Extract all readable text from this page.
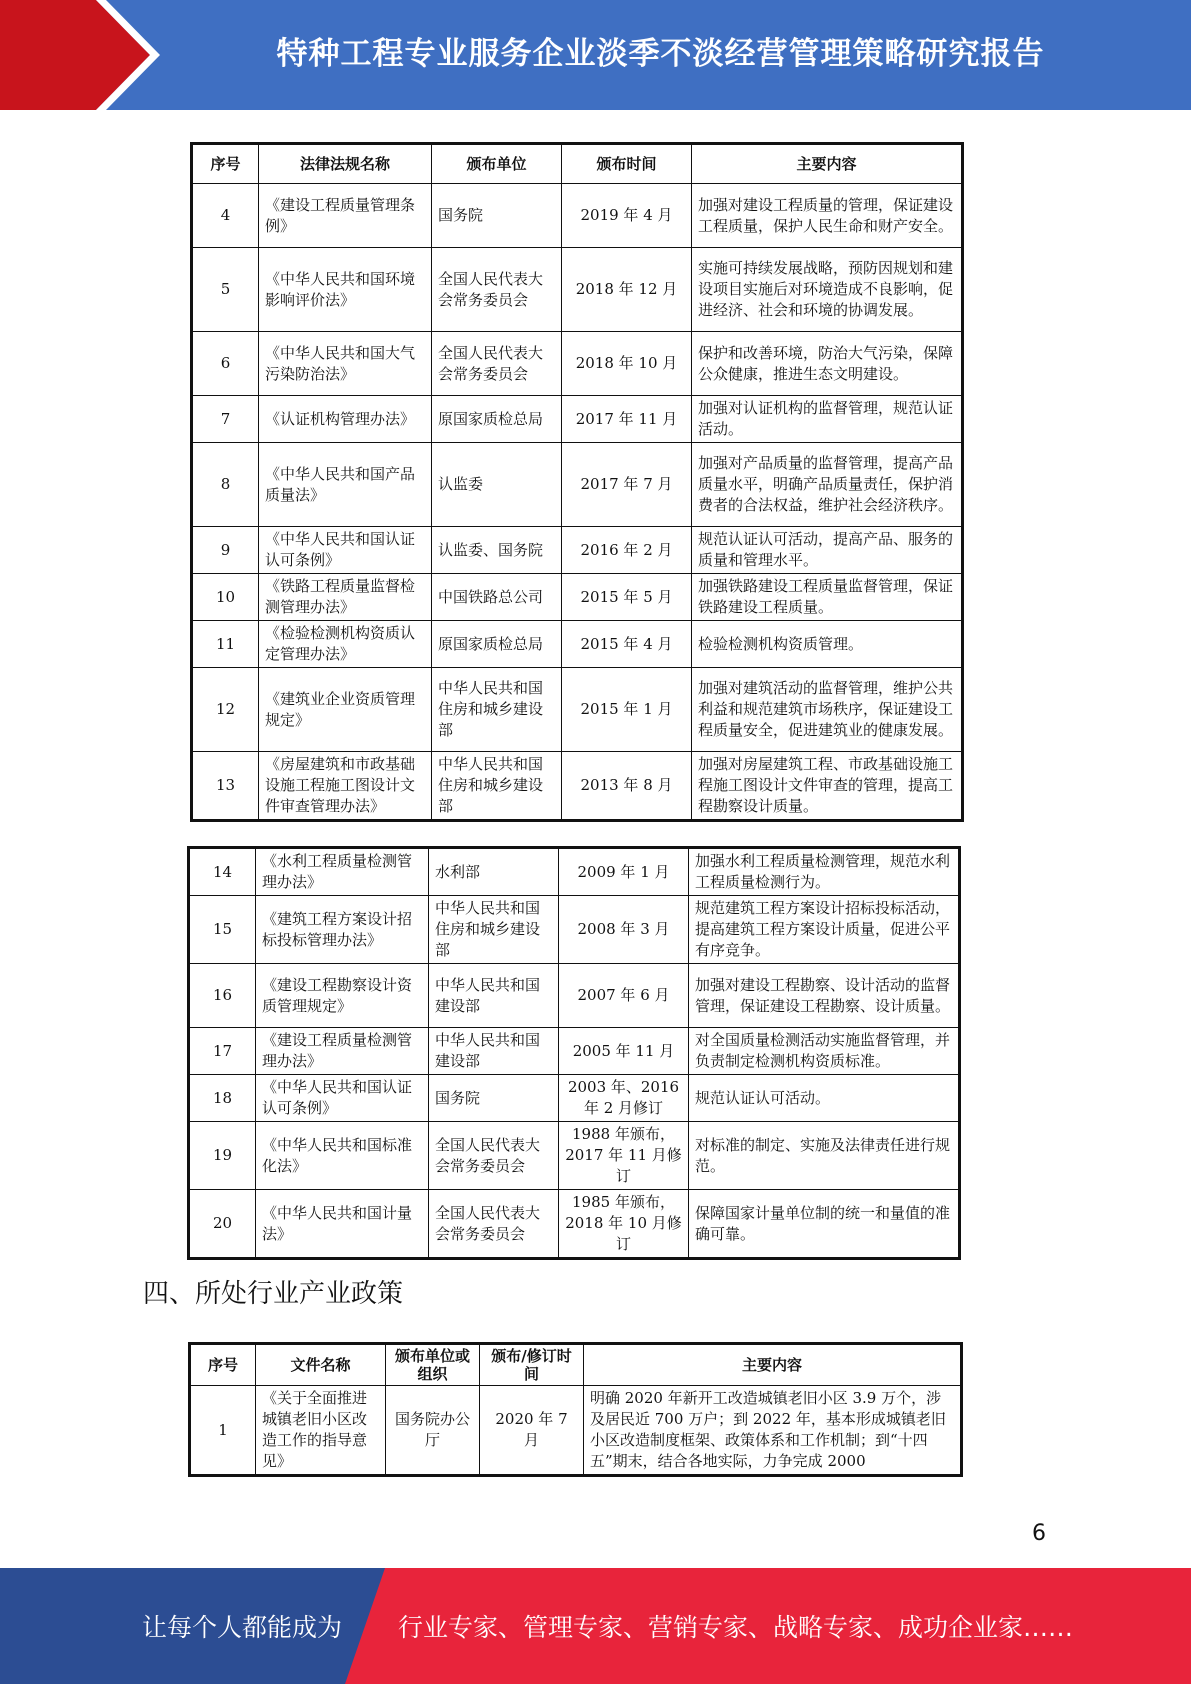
特种工程专业服务企业淡季不淡经营管理策略研究报告
序号	法律法规名称	颁布单位	颁布时间	主要内容
4	《建设工程质量管理条例》	国务院	2019 年 4 月	加强对建设工程质量的管理，保证建设工程质量，保护人民生命和财产安全。
5	《中华人民共和国环境影响评价法》	全国人民代表大会常务委员会	2018 年 12 月	实施可持续发展战略，预防因规划和建设项目实施后对环境造成不良影响，促进经济、社会和环境的协调发展。
6	《中华人民共和国大气污染防治法》	全国人民代表大会常务委员会	2018 年 10 月	保护和改善环境，防治大气污染，保障公众健康，推进生态文明建设。
7	《认证机构管理办法》	原国家质检总局	2017 年 11 月	加强对认证机构的监督管理，规范认证活动。
8	《中华人民共和国产品质量法》	认监委	2017 年 7 月	加强对产品质量的监督管理，提高产品质量水平，明确产品质量责任，保护消费者的合法权益，维护社会经济秩序。
9	《中华人民共和国认证认可条例》	认监委、国务院	2016 年 2 月	规范认证认可活动，提高产品、服务的质量和管理水平。
10	《铁路工程质量监督检测管理办法》	中国铁路总公司	2015 年 5 月	加强铁路建设工程质量监督管理，保证铁路建设工程质量。
11	《检验检测机构资质认定管理办法》	原国家质检总局	2015 年 4 月	检验检测机构资质管理。
12	《建筑业企业资质管理规定》	中华人民共和国住房和城乡建设部	2015 年 1 月	加强对建筑活动的监督管理，维护公共利益和规范建筑市场秩序，保证建设工程质量安全，促进建筑业的健康发展。
13	《房屋建筑和市政基础设施工程施工图设计文件审查管理办法》	中华人民共和国住房和城乡建设部	2013 年 8 月	加强对房屋建筑工程、市政基础设施工程施工图设计文件审查的管理，提高工程勘察设计质量。
14	《水利工程质量检测管理办法》	水利部	2009 年 1 月	加强水利工程质量检测管理，规范水利工程质量检测行为。
15	《建筑工程方案设计招标投标管理办法》	中华人民共和国住房和城乡建设部	2008 年 3 月	规范建筑工程方案设计招标投标活动，提高建筑工程方案设计质量，促进公平有序竞争。
16	《建设工程勘察设计资质管理规定》	中华人民共和国建设部	2007 年 6 月	加强对建设工程勘察、设计活动的监督管理，保证建设工程勘察、设计质量。
17	《建设工程质量检测管理办法》	中华人民共和国建设部	2005 年 11 月	对全国质量检测活动实施监督管理，并负责制定检测机构资质标准。
18	《中华人民共和国认证认可条例》	国务院	2003 年、2016 年 2 月修订	规范认证认可活动。
19	《中华人民共和国标准化法》	全国人民代表大会常务委员会	1988 年颁布，2017 年 11 月修订	对标准的制定、实施及法律责任进行规范。
20	《中华人民共和国计量法》	全国人民代表大会常务委员会	1985 年颁布，2018 年 10 月修订	保障国家计量单位制的统一和量值的准确可靠。
四、所处行业产业政策
序号	文件名称	颁布单位或组织	颁布/修订时间	主要内容
1	《关于全面推进城镇老旧小区改造工作的指导意见》	国务院办公厅	2020 年 7 月	明确 2020 年新开工改造城镇老旧小区 3.9 万个，涉及居民近 700 万户；到 2022 年，基本形成城镇老旧小区改造制度框架、政策体系和工作机制；到“十四五”期末，结合各地实际，力争完成 2000
6
让每个人都能成为 行业专家、管理专家、营销专家、战略专家、成功企业家……
